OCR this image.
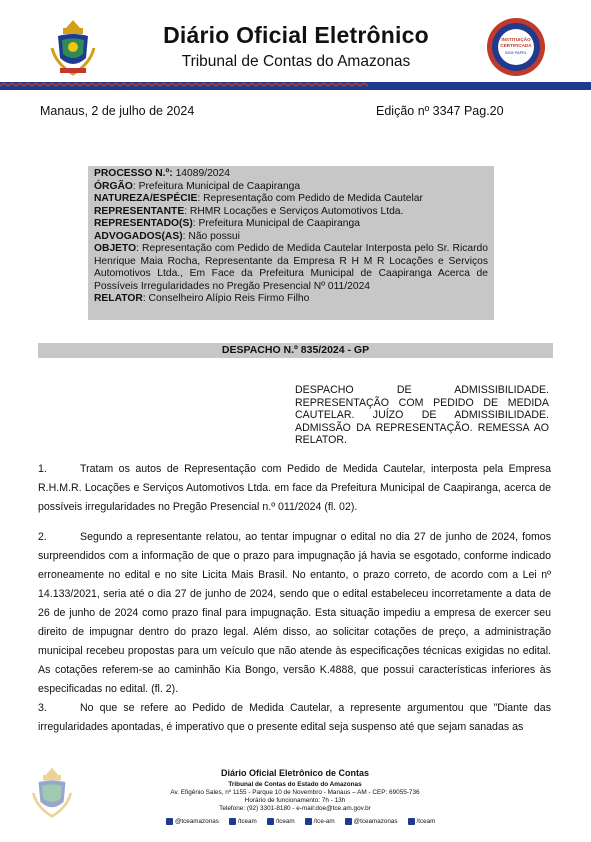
Diário Oficial Eletrônico
Tribunal de Contas do Amazonas
INSTITUIÇÃO
CERTIFICADA
SEM PAPEL
Manaus, 2 de julho de 2024	Edição nº 3347 Pag.20
PROCESSO N.º: 14089/2024
ÓRGÃO: Prefeitura Municipal de Caapiranga
NATUREZA/ESPÉCIE: Representação com Pedido de Medida Cautelar
REPRESENTANTE: RHMR Locações e Serviços Automotivos Ltda.
REPRESENTADO(S): Prefeitura Municipal de Caapiranga
ADVOGADOS(AS): Não possui
OBJETO: Representação com Pedido de Medida Cautelar Interposta pelo Sr. Ricardo Henrique Maia Rocha, Representante da Empresa R H M R Locações e Serviços Automotivos Ltda., Em Face da Prefeitura Municipal de Caapiranga Acerca de Possíveis Irregularidades no Pregão Presencial Nº 011/2024
RELATOR: Conselheiro Alípio Reis Firmo Filho
DESPACHO N.º 835/2024 - GP
DESPACHO DE ADMISSIBILIDADE. REPRESENTAÇÃO COM PEDIDO DE MEDIDA CAUTELAR. JUÍZO DE ADMISSIBILIDADE. ADMISSÃO DA REPRESENTAÇÃO. REMESSA AO RELATOR.
1.	Tratam os autos de Representação com Pedido de Medida Cautelar, interposta pela Empresa R.H.M.R. Locações e Serviços Automotivos Ltda. em face da Prefeitura Municipal de Caapiranga, acerca de possíveis irregularidades no Pregão Presencial n.º 011/2024 (fl. 02).
2.	Segundo a representante relatou, ao tentar impugnar o edital no dia 27 de junho de 2024, fomos surpreendidos com a informação de que o prazo para impugnação já havia se esgotado, conforme indicado erroneamente no edital e no site Licita Mais Brasil. No entanto, o prazo correto, de acordo com a Lei nº 14.133/2021, seria até o dia 27 de junho de 2024, sendo que o edital estabeleceu incorretamente a data de 26 de junho de 2024 como prazo final para impugnação. Esta situação impediu a empresa de exercer seu direito de impugnar dentro do prazo legal. Além disso, ao solicitar cotações de preço, a administração municipal recebeu propostas para um veículo que não atende às especificações técnicas exigidas no edital. As cotações referem-se ao caminhão Kia Bongo, versão K.4888, que possui características inferiores às especificadas no edital. (fl. 2).
3.	No que se refere ao Pedido de Medida Cautelar, a represente argumentou que "Diante das irregularidades apontadas, é imperativo que o presente edital seja suspenso até que sejam sanadas as
Diário Oficial Eletrônico de Contas
Tribunal de Contas do Estado do Amazonas
Av. Efigênio Sales, nº 1155 - Parque 10 de Novembro - Manaus – AM - CEP: 69055-736
Horário de funcionamento: 7h - 13h
Telefone: (92) 3301-8180 - e-mail:doe@tce.am.gov.br
@tceamazonas	/tceam	/tceam	/tce-am	@tceamazonas	/tceam
